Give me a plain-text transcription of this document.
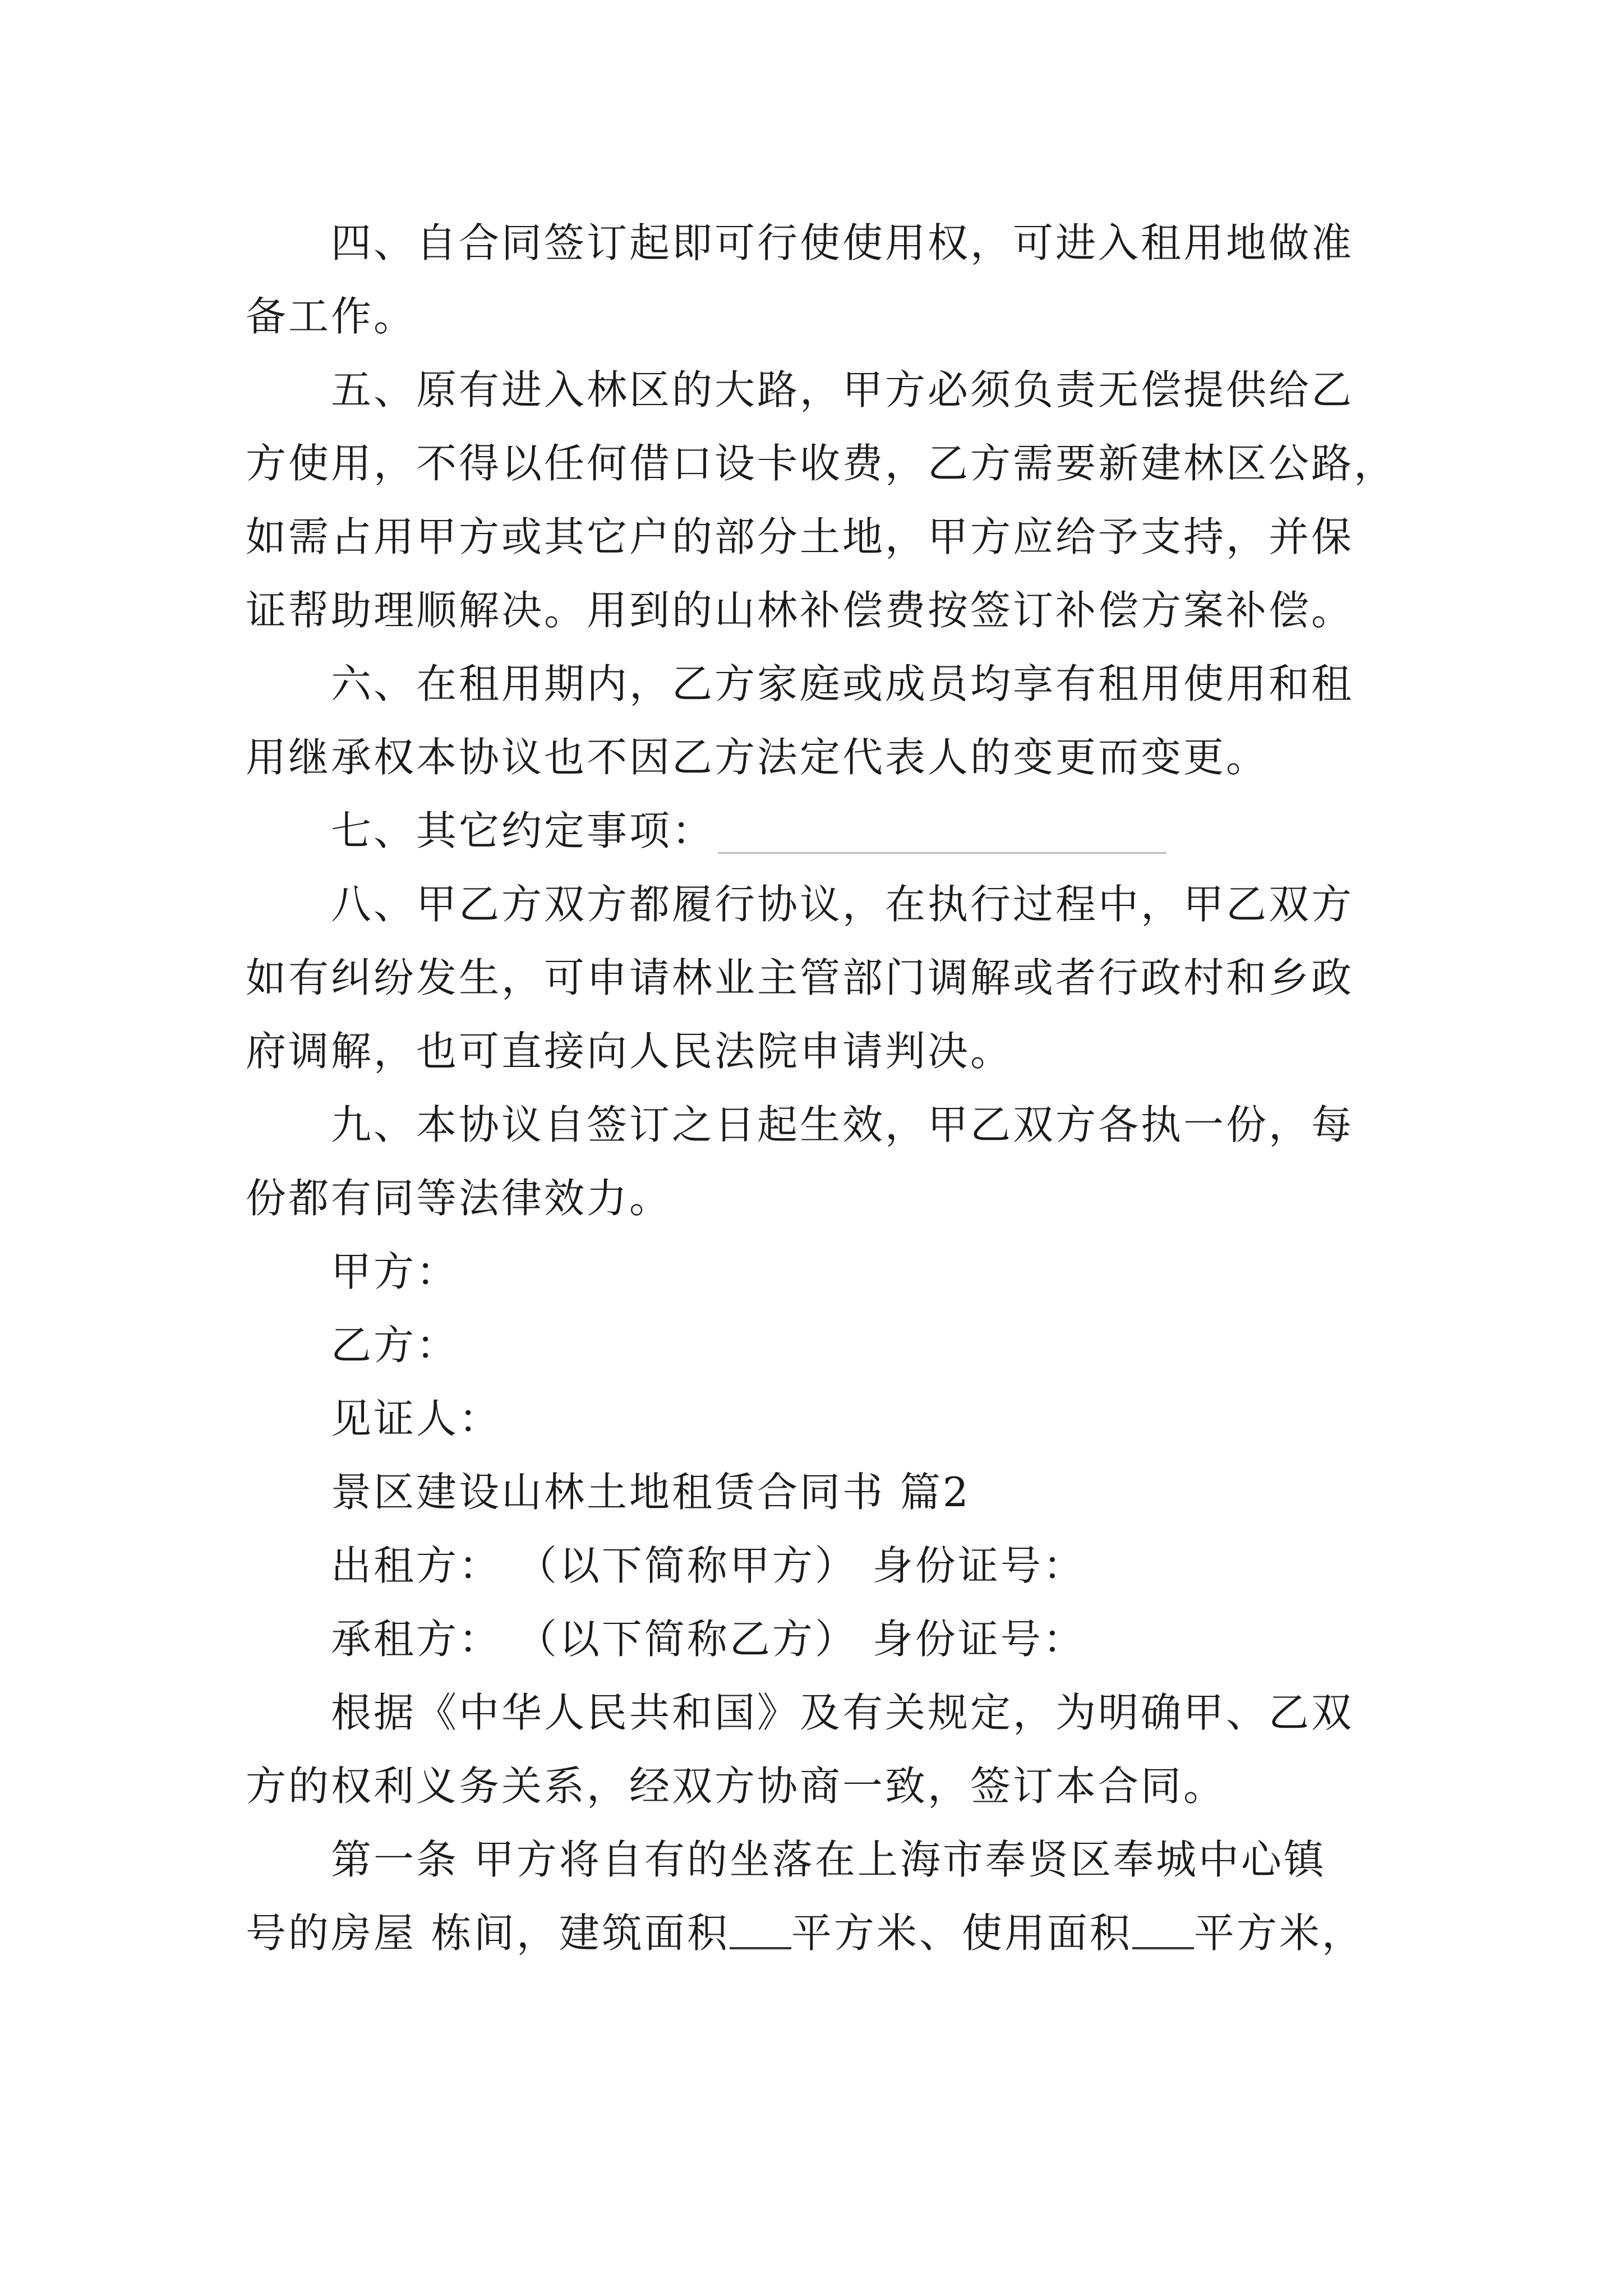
四、自合同签订起即可行使使用权，可进入租用地做准
备工作。
五、原有进入林区的大路，甲方必须负责无偿提供给乙
方使用，不得以任何借口设卡收费，乙方需要新建林区公路，
如需占用甲方或其它户的部分土地，甲方应给予支持，并保
证帮助理顺解决。用到的山林补偿费按签订补偿方案补偿。
六、在租用期内，乙方家庭或成员均享有租用使用和租
用继承权本协议也不因乙方法定代表人的变更而变更。
七、其它约定事项：
八、甲乙方双方都履行协议，在执行过程中，甲乙双方
如有纠纷发生，可申请林业主管部门调解或者行政村和乡政
府调解，也可直接向人民法院申请判决。
九、本协议自签订之日起生效，甲乙双方各执一份，每
份都有同等法律效力。
甲方：
乙方：
见证人：
景区建设山林土地租赁合同书 篇2
出租方： （以下简称甲方） 身份证号：
承租方： （以下简称乙方） 身份证号：
根据《中华人民共和国》及有关规定，为明确甲、乙双
方的权利义务关系，经双方协商一致，签订本合同。
第一条 甲方将自有的坐落在上海市奉贤区奉城中心镇
号的房屋 栋间，建筑面积 平方米、使用面积 平方米，
